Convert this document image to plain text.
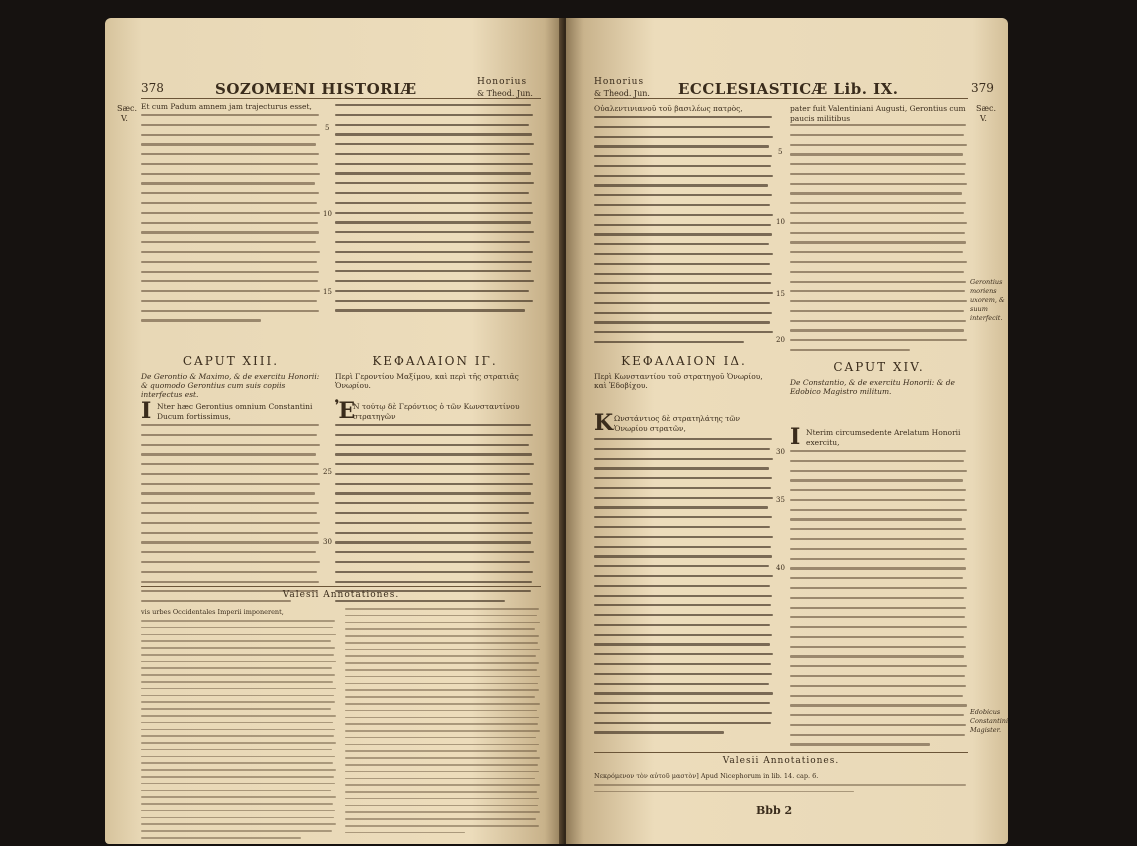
378	SOZOMENI HISTORIÆ	Honorius
& Theod. Jun.
Sæc.
V.
Et cum Padum amnem jam trajecturus esset,
CAPUT XIII.	ΚΕΦΑΛΑΙΟΝ ΙΓ.
De Gerontio & Maximo, & de exercitu Honorii: & quomodo Gerontius cum suis copiis interfectus est.
Περὶ Γεροντίου Μαξίμου, καὶ περὶ τῆς στρατιᾶς Ὁνωρίου.
I Nter hæc Gerontius omnium Constantini Ducum fortissimus,	Ἐ
Ν τούτῳ δὲ Γερόντιος ὁ τῶν Κωνσταντίνου στρατηγῶν
5
10
15
25
30
Valesii Annotationes.
vis urbes Occidentales Imperii imponerent,
Honorius
& Theod. Jun. ECCLESIASTICÆ Lib. IX.	379
Sæc.
V.
Οὐαλεντινιανοῦ τοῦ βασιλέως πατρὸς,	pater fuit Valentiniani Augusti, Gerontius cum paucis militibus
Gerontius moriens uxorem, & suum interfecit.
Edobicus Constantini Magister.
5
10
15
20
30
35
40
ΚΕΦΑΛΑΙΟΝ ΙΔ.	CAPUT XIV.
Περὶ Κωνσταντίου τοῦ στρατηγοῦ Ὁνωρίου, καὶ Ἐδοβίχου.	De Constantio, & de exercitu Honorii: & de Edobico Magistro militum.
Κ Ωνστάντιος δὲ στρατηλάτης τῶν Ὁνωρίου στρατῶν,	I Nterim circumsedente Arelatum Honorii exercitu,
Valesii Annotationes.
Νεκρόμενον τὸν αὐτοῦ μαστὸν] Apud Nicephorum in lib. 14. cap. 6.
Bbb 2
